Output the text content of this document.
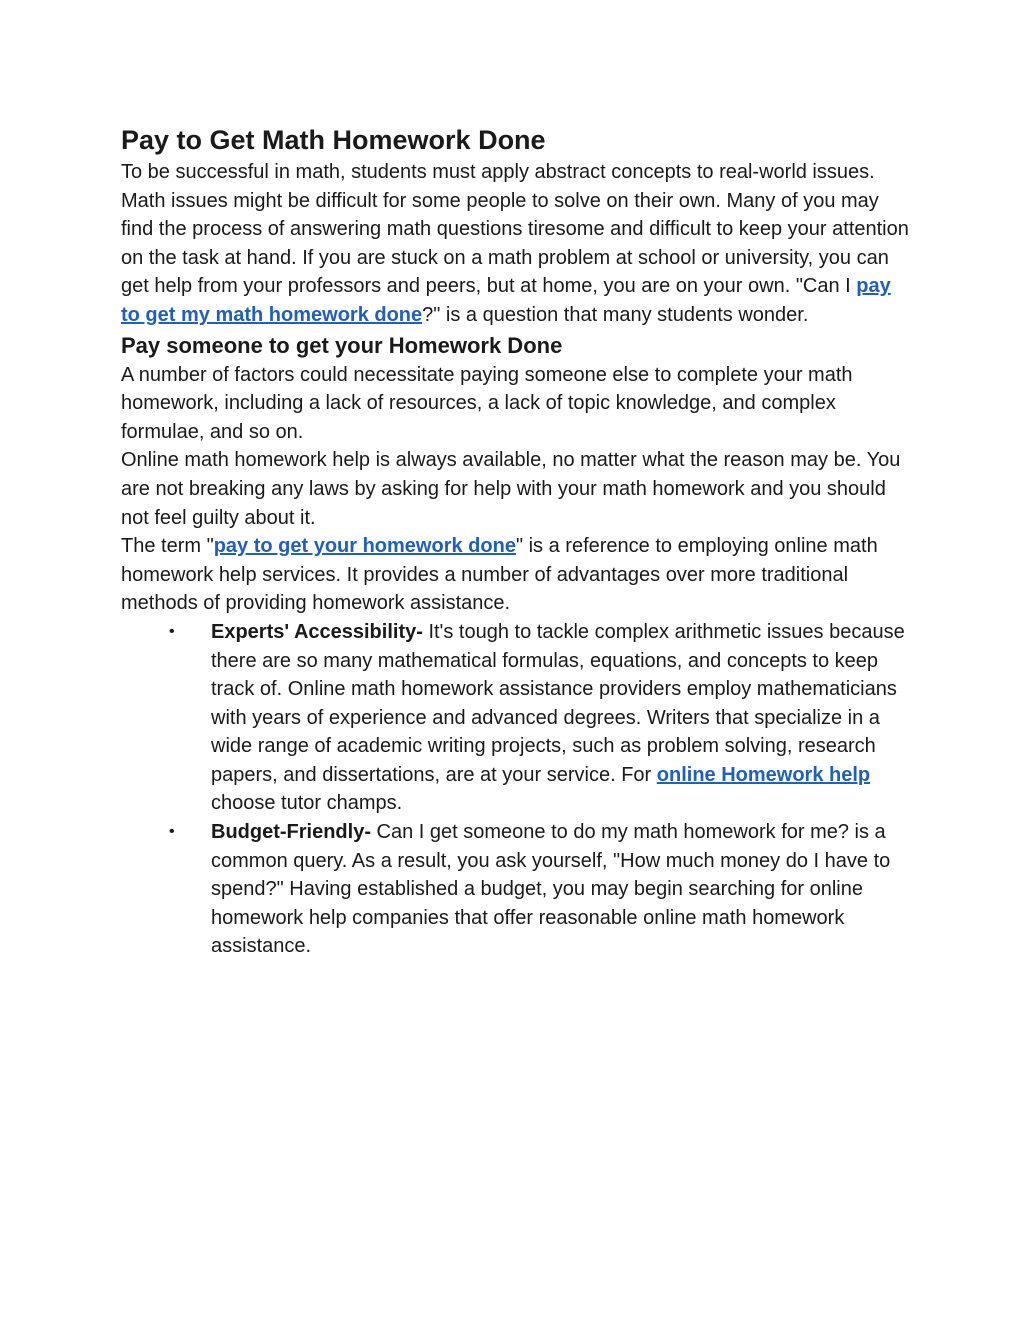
Pay to Get Math Homework Done

To be successful in math, students must apply abstract concepts to real-world issues. Math issues might be difficult for some people to solve on their own. Many of you may find the process of answering math questions tiresome and difficult to keep your attention on the task at hand. If you are stuck on a math problem at school or university, you can get help from your professors and peers, but at home, you are on your own. "Can I pay to get my math homework done?" is a question that many students wonder.

Pay someone to get your Homework Done

A number of factors could necessitate paying someone else to complete your math homework, including a lack of resources, a lack of topic knowledge, and complex formulae, and so on.

Online math homework help is always available, no matter what the reason may be. You are not breaking any laws by asking for help with your math homework and you should not feel guilty about it.

The term "pay to get your homework done" is a reference to employing online math homework help services. It provides a number of advantages over more traditional methods of providing homework assistance.

• Experts' Accessibility- It's tough to tackle complex arithmetic issues because there are so many mathematical formulas, equations, and concepts to keep track of. Online math homework assistance providers employ mathematicians with years of experience and advanced degrees. Writers that specialize in a wide range of academic writing projects, such as problem solving, research papers, and dissertations, are at your service. For online Homework help choose tutor champs.
• Budget-Friendly- Can I get someone to do my math homework for me? is a common query. As a result, you ask yourself, "How much money do I have to spend?" Having established a budget, you may begin searching for online homework help companies that offer reasonable online math homework assistance.
